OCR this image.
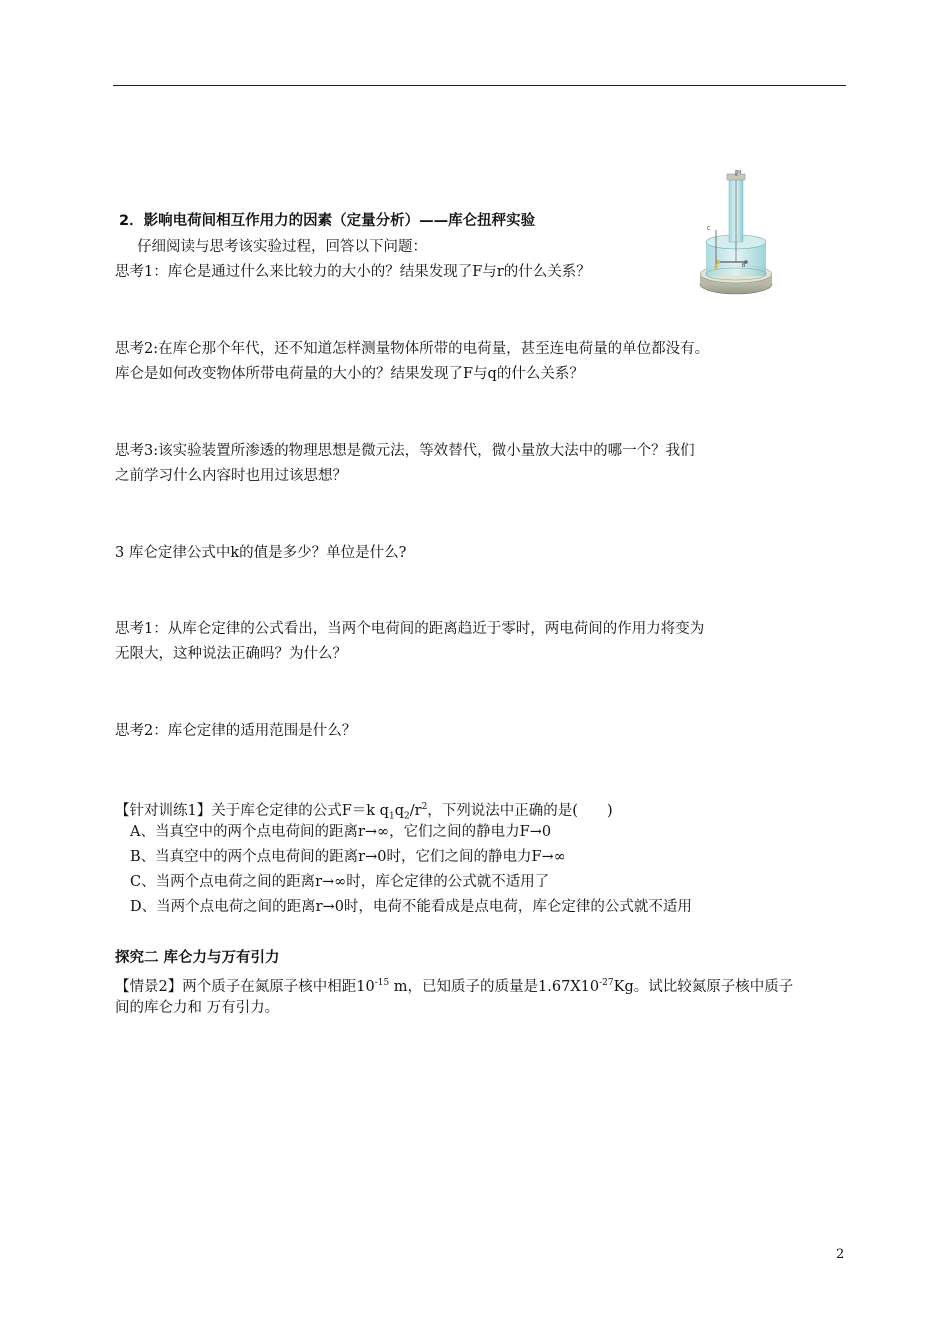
M
C
B
2．影响电荷间相互作用力的因素（定量分析）——库仑扭秤实验
仔细阅读与思考该实验过程，回答以下问题：
思考1：库仑是通过什么来比较力的大小的？结果发现了F与r的什么关系？
思考2:在库仑那个年代，还不知道怎样测量物体所带的电荷量，甚至连电荷量的单位都没有。
库仑是如何改变物体所带电荷量的大小的？结果发现了F与q的什么关系？
思考3:该实验装置所渗透的物理思想是微元法，等效替代，微小量放大法中的哪一个？我们
之前学习什么内容时也用过该思想？
3 库仑定律公式中k的值是多少？单位是什么?
思考1：从库仑定律的公式看出，当两个电荷间的距离趋近于零时，两电荷间的作用力将变为
无限大，这种说法正确吗？为什么？
思考2：库仑定律的适用范围是什么？
【针对训练1】关于库仑定律的公式F＝k $q_1q_2/r^2$，下列说法中正确的是(　　)
A、当真空中的两个点电荷间的距离r→∞，它们之间的静电力F→0
B、当真空中的两个点电荷间的距离r→0时，它们之间的静电力F→∞
C、当两个点电荷之间的距离r→∞时，库仑定律的公式就不适用了
D、当两个点电荷之间的距离r→0时，电荷不能看成是点电荷，库仑定律的公式就不适用
探究二 库仑力与万有引力
【情景2】两个质子在氮原子核中相距$10^{-15}$ m，已知质子的质量是$1.67X10^{-27}Kg$。试比较氮原子核中质子
间的库仑力和 万有引力。
2
